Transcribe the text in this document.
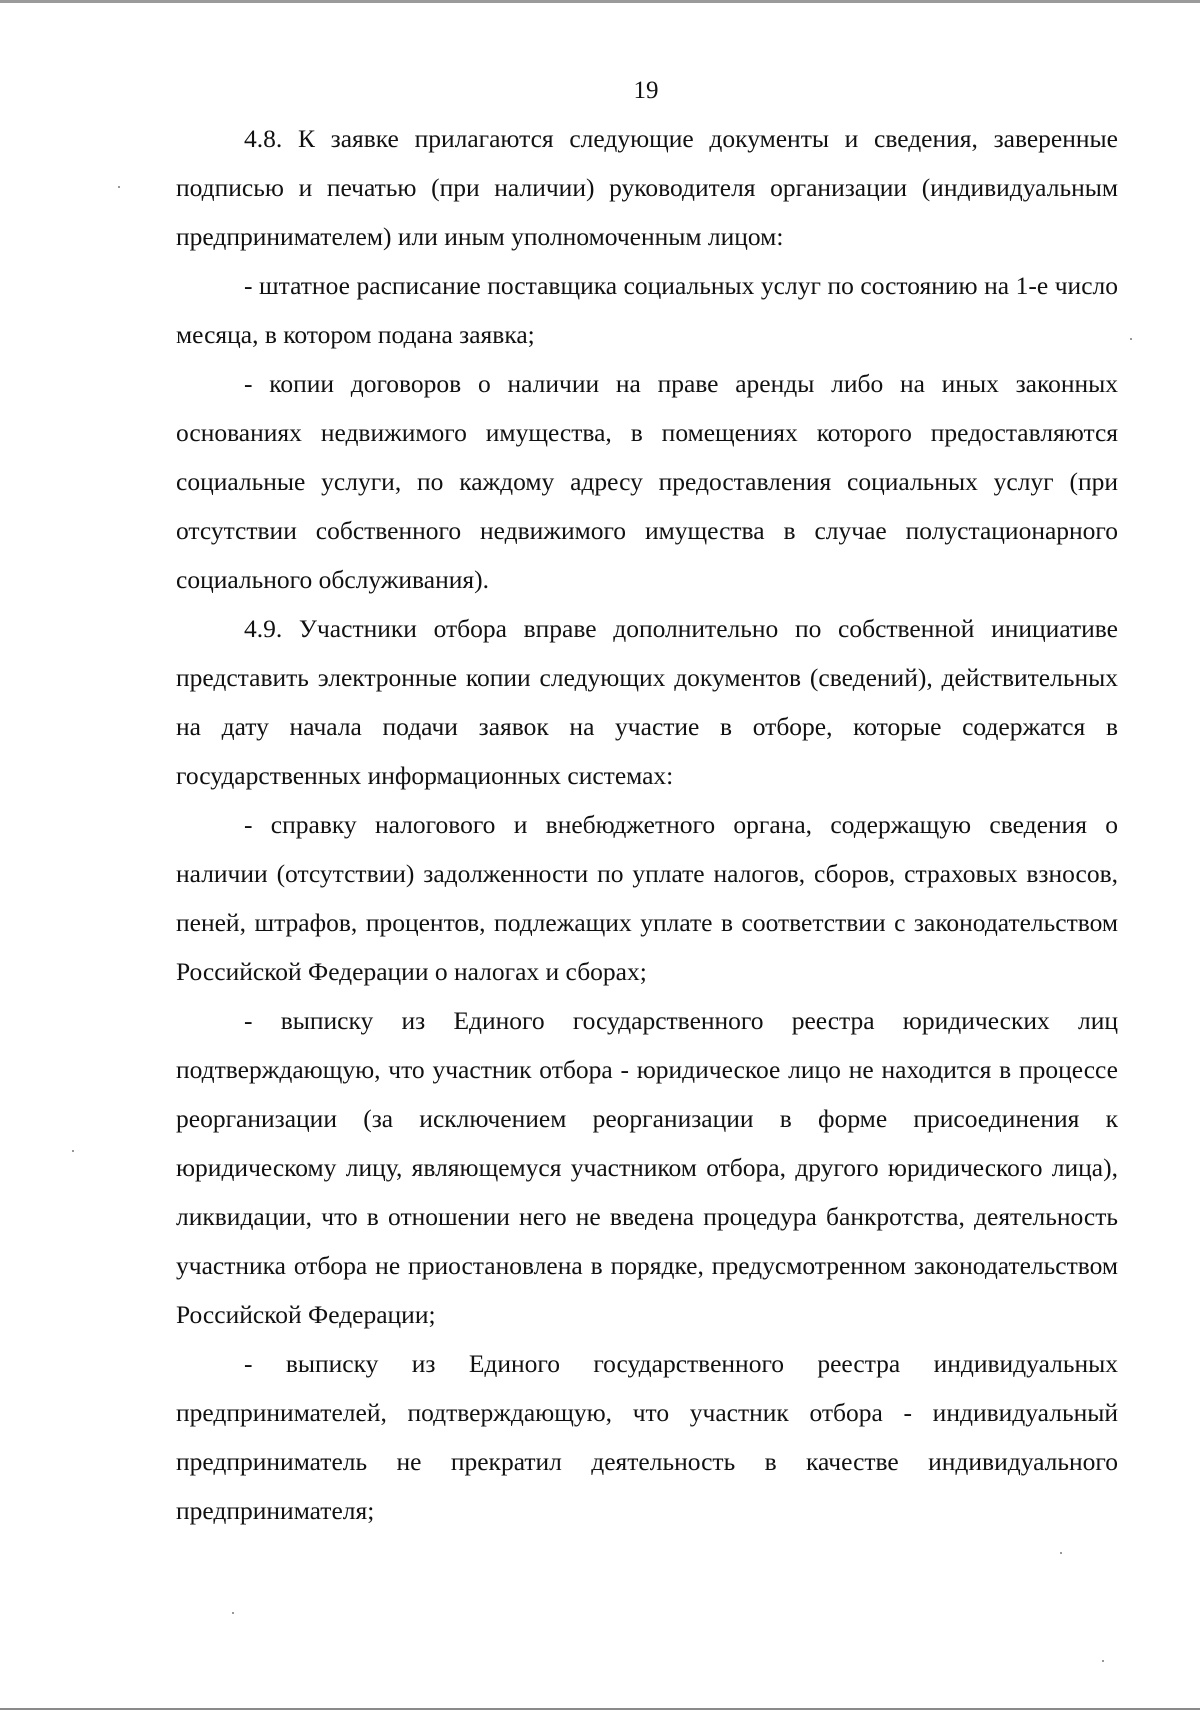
19

4.8. К заявке прилагаются следующие документы и сведения, заверенные подписью и печатью (при наличии) руководителя организации (индивидуальным предпринимателем) или иным уполномоченным лицом:

- штатное расписание поставщика социальных услуг по состоянию на 1-е число месяца, в котором подана заявка;

- копии договоров о наличии на праве аренды либо на иных законных основаниях недвижимого имущества, в помещениях которого предоставляются социальные услуги, по каждому адресу предоставления социальных услуг (при отсутствии собственного недвижимого имущества в случае полустационарного социального обслуживания).

4.9. Участники отбора вправе дополнительно по собственной инициативе представить электронные копии следующих документов (сведений), действительных на дату начала подачи заявок на участие в отборе, которые содержатся в государственных информационных системах:

- справку налогового и внебюджетного органа, содержащую сведения о наличии (отсутствии) задолженности по уплате налогов, сборов, страховых взносов, пеней, штрафов, процентов, подлежащих уплате в соответствии с законодательством Российской Федерации о налогах и сборах;

- выписку из Единого государственного реестра юридических лиц подтверждающую, что участник отбора - юридическое лицо не находится в процессе реорганизации (за исключением реорганизации в форме присоединения к юридическому лицу, являющемуся участником отбора, другого юридического лица), ликвидации, что в отношении него не введена процедура банкротства, деятельность участника отбора не приостановлена в порядке, предусмотренном законодательством Российской Федерации;

- выписку из Единого государственного реестра индивидуальных предпринимателей, подтверждающую, что участник отбора - индивидуальный предприниматель не прекратил деятельность в качестве индивидуального предпринимателя;
